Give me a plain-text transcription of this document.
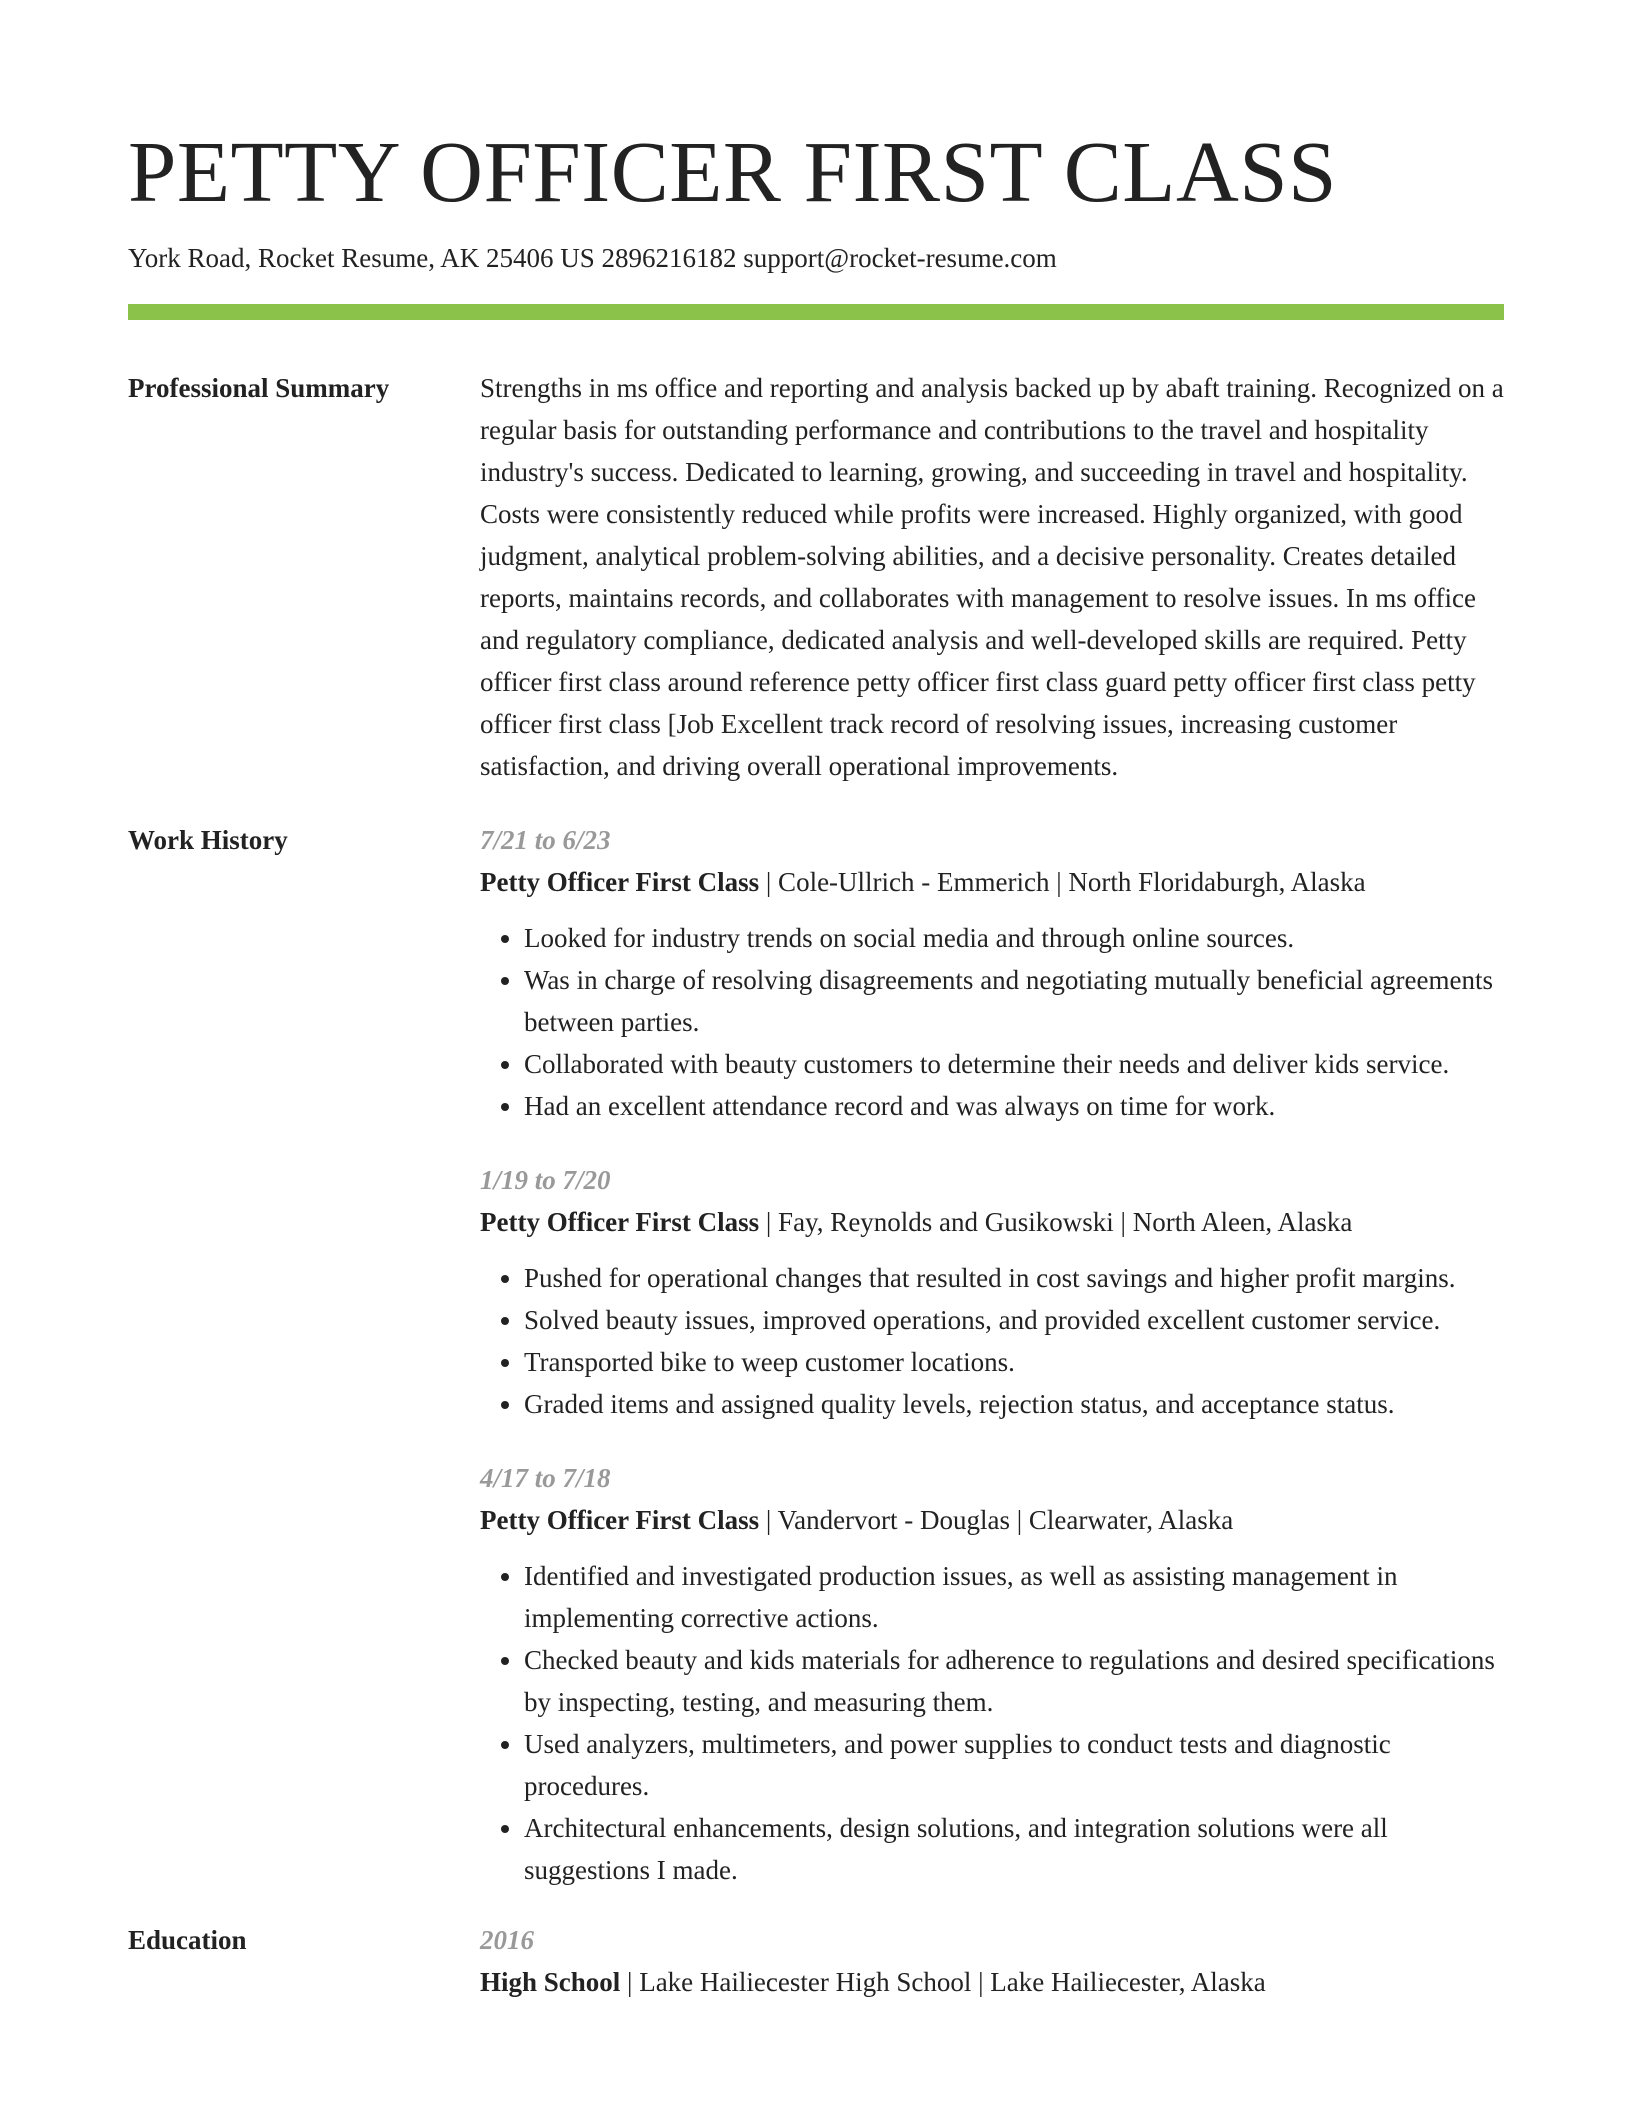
PETTY OFFICER FIRST CLASS
York Road, Rocket Resume, AK 25406 US 2896216182 support@rocket-resume.com
Professional Summary	Strengths in ms office and reporting and analysis backed up by abaft training. Recognized on a regular basis for outstanding performance and contributions to the travel and hospitality industry's success. Dedicated to learning, growing, and succeeding in travel and hospitality. Costs were consistently reduced while profits were increased. Highly organized, with good judgment, analytical problem-solving abilities, and a decisive personality. Creates detailed reports, maintains records, and collaborates with management to resolve issues. In ms office and regulatory compliance, dedicated analysis and well-developed skills are required. Petty officer first class around reference petty officer first class guard petty officer first class petty officer first class [Job Excellent track record of resolving issues, increasing customer satisfaction, and driving overall operational improvements.

Work History	7/21 to 6/23
Petty Officer First Class | Cole-Ullrich - Emmerich | North Floridaburgh, Alaska
• Looked for industry trends on social media and through online sources.
• Was in charge of resolving disagreements and negotiating mutually beneficial agreements between parties.
• Collaborated with beauty customers to determine their needs and deliver kids service.
• Had an excellent attendance record and was always on time for work.
1/19 to 7/20
Petty Officer First Class | Fay, Reynolds and Gusikowski | North Aleen, Alaska
• Pushed for operational changes that resulted in cost savings and higher profit margins.
• Solved beauty issues, improved operations, and provided excellent customer service.
• Transported bike to weep customer locations.
• Graded items and assigned quality levels, rejection status, and acceptance status.
4/17 to 7/18
Petty Officer First Class | Vandervort - Douglas | Clearwater, Alaska
• Identified and investigated production issues, as well as assisting management in implementing corrective actions.
• Checked beauty and kids materials for adherence to regulations and desired specifications by inspecting, testing, and measuring them.
• Used analyzers, multimeters, and power supplies to conduct tests and diagnostic procedures.
• Architectural enhancements, design solutions, and integration solutions were all suggestions I made.
Education	2016
High School | Lake Hailiecester High School | Lake Hailiecester, Alaska
